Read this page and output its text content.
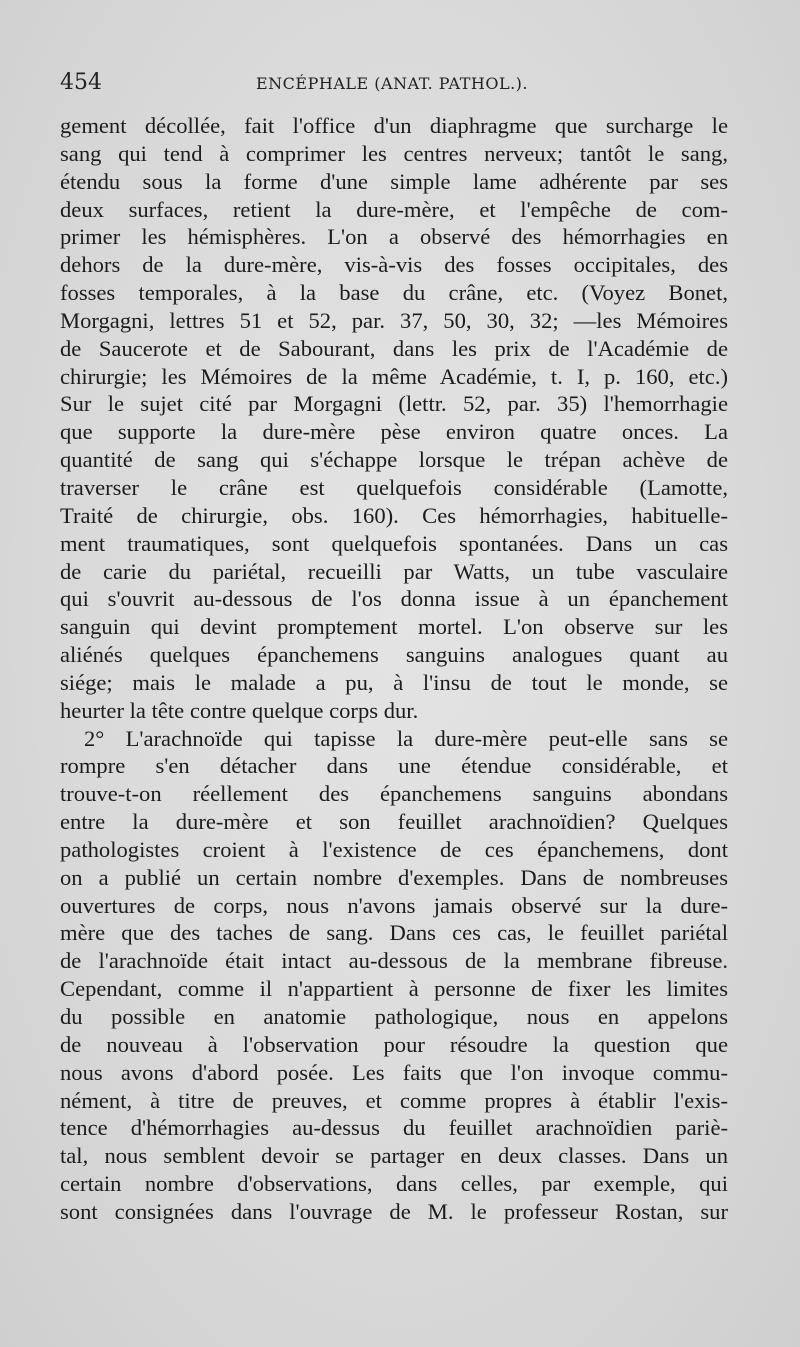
454	ENCÉPHALE (ANAT. PATHOL.).
gement décollée, fait l'office d'un diaphragme que surcharge le
sang qui tend à comprimer les centres nerveux; tantôt le sang,
étendu sous la forme d'une simple lame adhérente par ses
deux surfaces, retient la dure-mère, et l'empêche de com-
primer les hémisphères. L'on a observé des hémorrhagies en
dehors de la dure-mère, vis-à-vis des fosses occipitales, des
fosses temporales, à la base du crâne, etc. (Voyez Bonet,
Morgagni, lettres 51 et 52, par. 37, 50, 30, 32; —les Mémoires
de Saucerote et de Sabourant, dans les prix de l'Académie de
chirurgie; les Mémoires de la même Académie, t. I, p. 160, etc.)
Sur le sujet cité par Morgagni (lettr. 52, par. 35) l'hemorrhagie
que supporte la dure-mère pèse environ quatre onces. La
quantité de sang qui s'échappe lorsque le trépan achève de
traverser le crâne est quelquefois considérable (Lamotte,
Traité de chirurgie, obs. 160). Ces hémorrhagies, habituelle-
ment traumatiques, sont quelquefois spontanées. Dans un cas
de carie du pariétal, recueilli par Watts, un tube vasculaire
qui s'ouvrit au-dessous de l'os donna issue à un épanchement
sanguin qui devint promptement mortel. L'on observe sur les
aliénés quelques épanchemens sanguins analogues quant au
siége; mais le malade a pu, à l'insu de tout le monde, se
heurter la tête contre quelque corps dur.
2° L'arachnoïde qui tapisse la dure-mère peut-elle sans se
rompre s'en détacher dans une étendue considérable, et
trouve-t-on réellement des épanchemens sanguins abondans
entre la dure-mère et son feuillet arachnoïdien? Quelques
pathologistes croient à l'existence de ces épanchemens, dont
on a publié un certain nombre d'exemples. Dans de nombreuses
ouvertures de corps, nous n'avons jamais observé sur la dure-
mère que des taches de sang. Dans ces cas, le feuillet pariétal
de l'arachnoïde était intact au-dessous de la membrane fibreuse.
Cependant, comme il n'appartient à personne de fixer les limites
du possible en anatomie pathologique, nous en appelons
de nouveau à l'observation pour résoudre la question que
nous avons d'abord posée. Les faits que l'on invoque commu-
nément, à titre de preuves, et comme propres à établir l'exis-
tence d'hémorrhagies au-dessus du feuillet arachnoïdien pariè-
tal, nous semblent devoir se partager en deux classes. Dans un
certain nombre d'observations, dans celles, par exemple, qui
sont consignées dans l'ouvrage de M. le professeur Rostan, sur
